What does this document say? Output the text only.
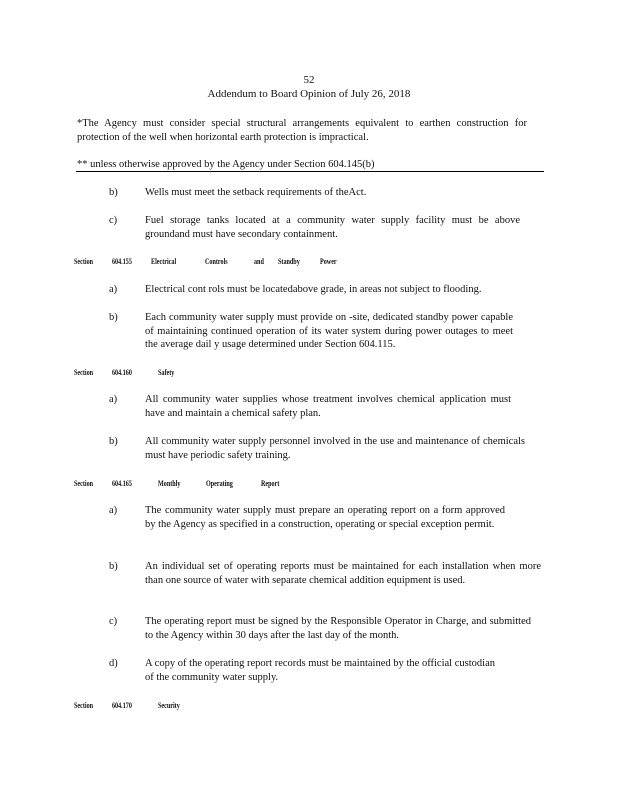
52
Addendum to Board Opinion of July 26, 2018
*The Agency must consider special structural arrangements equivalent to earthen construction for protection of the well when horizontal earth protection is impractical.
** unless otherwise approved by the Agency under Section 604.145(b)
b)	Wells must meet the setback requirements of theAct.
c)	Fuel storage tanks located at a community water supply facility must be above groundand must have secondary containment.
Section 604.155 Electrical	Controls	and Standby Power
a)	Electrical cont rols must be locatedabove grade, in areas not subject to flooding.
b)	Each community water supply must provide on -site, dedicated standby power capable of maintaining continued operation of its water system during power outages to meet the average dail y usage determined under Section 604.115.
Section 604.160	Safety
a)	All community water supplies whose treatment involves chemical application must have and maintain a chemical safety plan.
b)	All community water supply personnel involved in the use and maintenance of chemicals must have periodic safety training.
Section 604.165	Monthly	Operating	Report
a)	The community water supply must prepare an operating report on a form approved by the Agency as specified in a construction, operating or special exception permit.
b)	An individual set of operating reports must be maintained for each installation when more than one source of water with separate chemical addition equipment is used.
c)	The operating report must be signed by the Responsible Operator in Charge, and submitted to the Agency within 30 days after the last day of the month.
d)	A copy of the operating report records must be maintained by the official custodian of the community water supply.
Section 604.170	Security
